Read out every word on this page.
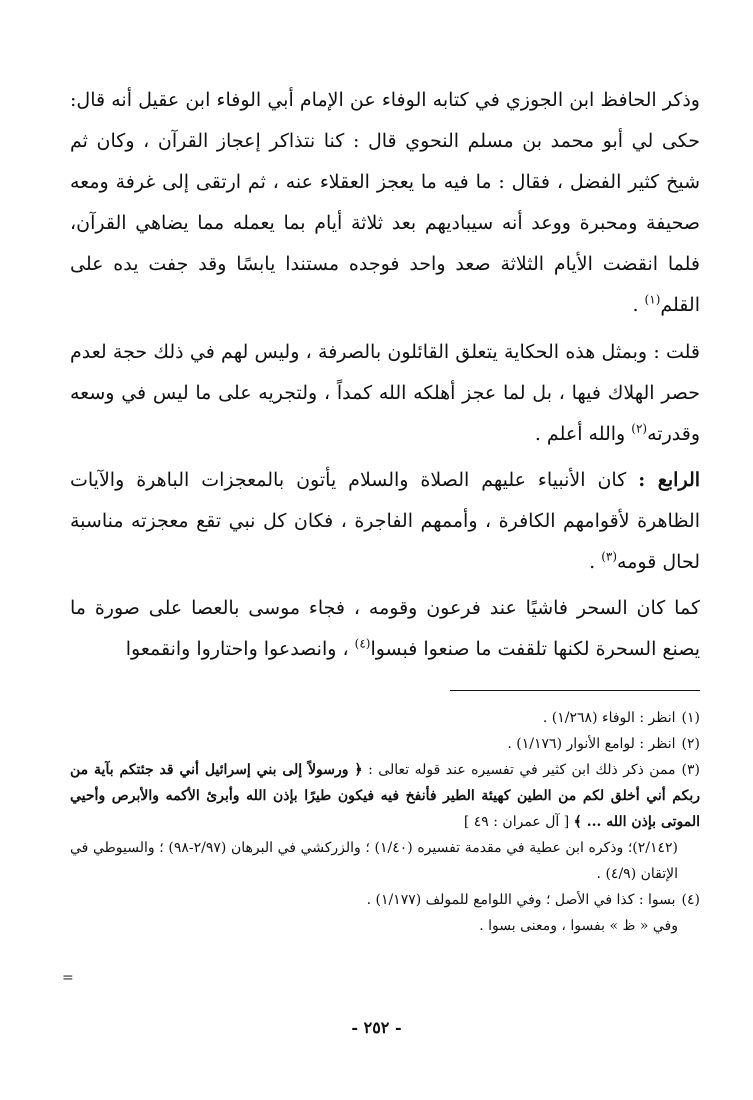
وذكر الحافظ ابن الجوزي في كتابه الوفاء عن الإمام أبي الوفاء ابن عقيل أنه قال: حكى لي أبو محمد بن مسلم النحوي قال : كنا نتذاكر إعجاز القرآن ، وكان ثم شيخ كثير الفضل ، فقال : ما فيه ما يعجز العقلاء عنه ، ثم ارتقى إلى غرفة ومعه صحيفة ومحبرة ووعد أنه سيباديهم بعد ثلاثة أيام بما يعمله مما يضاهي القرآن، فلما انقضت الأيام الثلاثة صعد واحد فوجده مستندا يابسًا وقد جفت يده على القلم$^{(١)}$ .

قلت : وبمثل هذه الحكاية يتعلق القائلون بالصرفة ، وليس لهم في ذلك حجة لعدم حصر الهلاك فيها ، بل لما عجز أهلكه الله كمداً ، ولتجريه على ما ليس في وسعه وقدرته$^{(٢)}$ والله أعلم .

الرابع : كان الأنبياء عليهم الصلاة والسلام يأتون بالمعجزات الباهرة والآيات الظاهرة لأقوامهم الكافرة ، وأممهم الفاجرة ، فكان كل نبي تقع معجزته مناسبة لحال قومه$^{(٣)}$ .

كما كان السحر فاشيًا عند فرعون وقومه ، فجاء موسى بالعصا على صورة ما يصنع السحرة لكنها تلقفت ما صنعوا فبسوا$^{(٤)}$ ، وانصدعوا واحتاروا وانقمعوا

(١)انظر : الوفاء (١/٢٦٨) .

(٢)انظر : لوامع الأنوار (١/١٧٦) .

(٣)ممن ذكر ذلك ابن كثير في تفسيره عند قوله تعالى : ﴿ ورسولاً إلى بني إسرائيل أني قد جئتكم بآية من ربكم أني أخلق لكم من الطين كهيئة الطير فأنفخ فيه فيكون طيرًا بإذن الله وأبرئ الأكمه والأبرص وأحيي الموتى بإذن الله ... ﴾ [ آل عمران : ٤٩ ]

(٢/١٤٢)؛ وذكره ابن عطية في مقدمة تفسيره (١/٤٠) ؛ والزركشي في البرهان (٢/٩٧-٩٨) ؛ والسيوطي في الإتقان (٤/٩) .

(٤)بسوا : كذا في الأصل ؛ وفي اللوامع للمولف (١/١٧٧) .

وفي « ظ » بفسوا ، ومعنى بسوا .

=
- ٢٥٢ -
